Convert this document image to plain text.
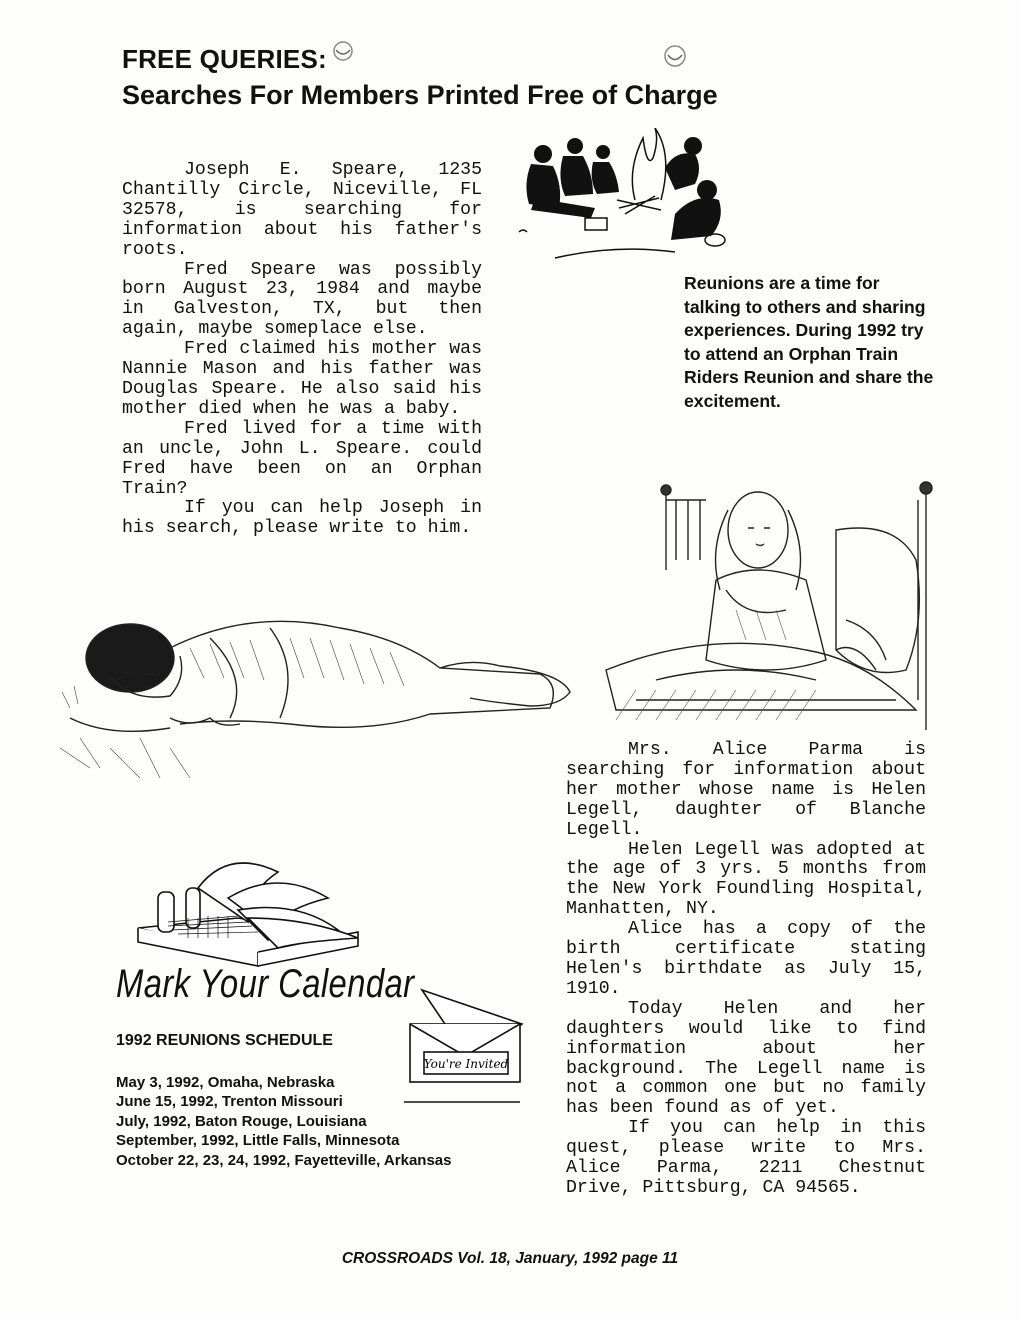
FREE QUERIES:
Searches For Members Printed Free of Charge

Joseph E. Speare, 1235 Chantilly Circle, Niceville, FL 32578, is searching for information about his father's roots.

Fred Speare was possibly born August 23, 1984 and maybe in Galveston, TX, but then again, maybe someplace else.

Fred claimed his mother was Nannie Mason and his father was Douglas Speare. He also said his mother died when he was a baby.

Fred lived for a time with an uncle, John L. Speare. could Fred have been on an Orphan Train?

If you can help Joseph in his search, please write to him.

Reunions are a time for talking to others and sharing experiences. During 1992 try to attend an Orphan Train Riders Reunion and share the excitement.

Mrs. Alice Parma is searching for information about her mother whose name is Helen Legell, daughter of Blanche Legell.

Helen Legell was adopted at the age of 3 yrs. 5 months from the New York Foundling Hospital, Manhatten, NY.

Alice has a copy of the birth certificate stating Helen's birthdate as July 15, 1910.

Today Helen and her daughters would like to find information about her background. The Legell name is not a common one but no family has been found as of yet.

If you can help in this quest, please write to Mrs. Alice Parma, 2211 Chestnut Drive, Pittsburg, CA 94565.

Mark Your Calendar
1992 REUNIONS SCHEDULE
You're Invited
May 3, 1992, Omaha, Nebraska
June 15, 1992, Trenton Missouri
July, 1992, Baton Rouge, Louisiana
September, 1992, Little Falls, Minnesota
October 22, 23, 24, 1992, Fayetteville, Arkansas
CROSSROADS Vol. 18, January, 1992 page 11
